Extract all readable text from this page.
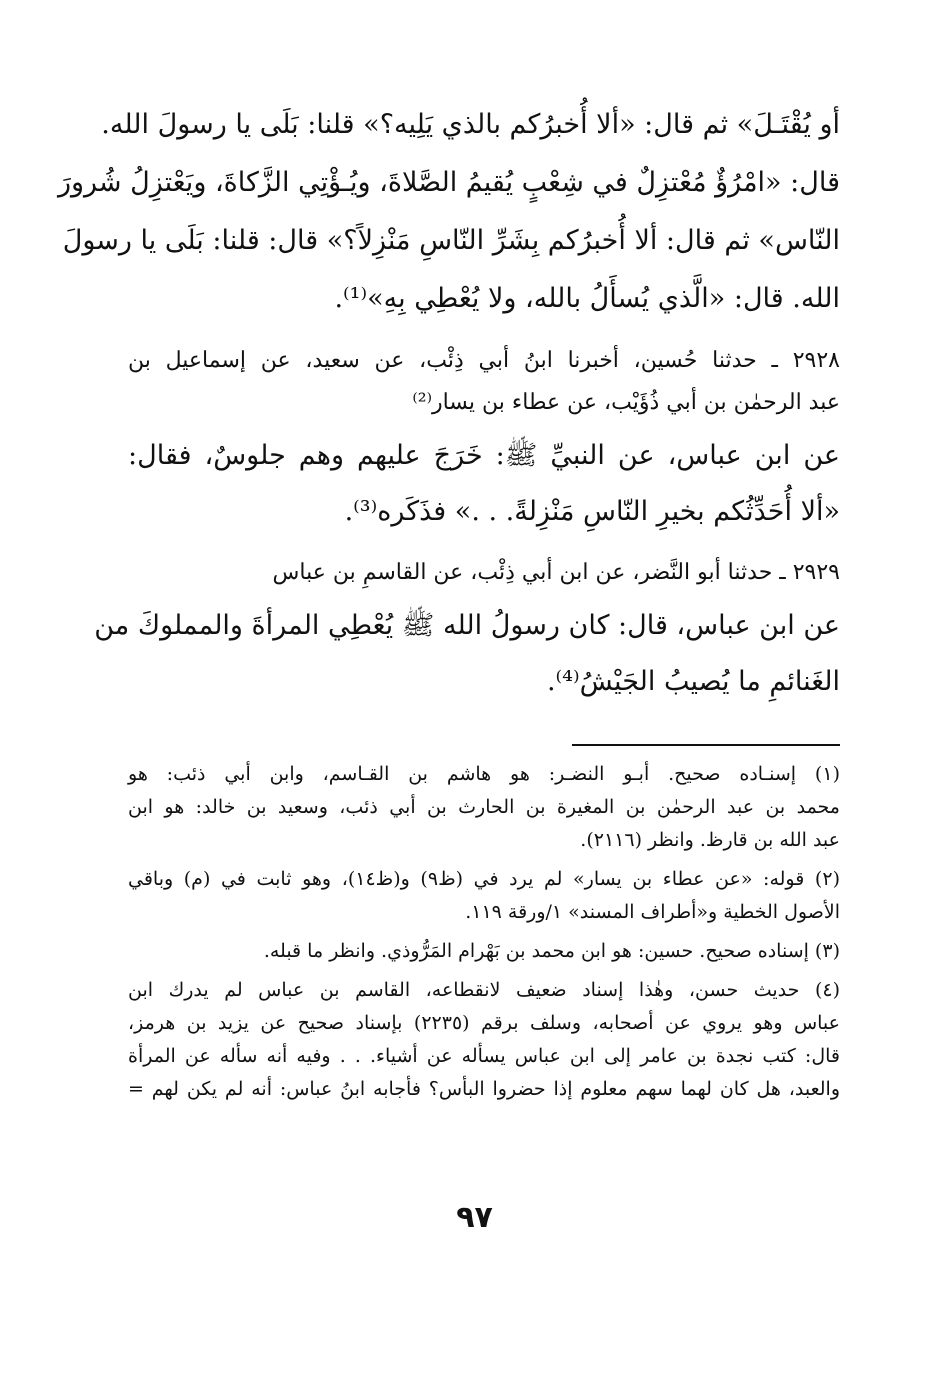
أو يُقْتَـلَ» ثم قال: «ألا أُخبرُكم بالذي يَلِيه؟» قلنا: بَلَى يا رسولَ الله.
قال: «امْرُؤٌ مُعْتزِلٌ في شِعْبٍ يُقيمُ الصَّلاةَ، ويُـؤْتِي الزَّكاةَ، ويَعْتزِلُ شُرورَ
النّاس» ثم قال: ألا أُخبرُكم بِشَرِّ النّاسِ مَنْزِلاً؟» قال: قلنا: بَلَى يا رسولَ
الله. قال: «الَّذي يُسأَلُ بالله، ولا يُعْطِي بِهِ»⁽¹⁾.
٢٩٢٨ ـ حدثنا حُسين، أخبرنا ابنُ أبي ذِئْب، عن سعيد، عن إسماعيل بن
عبد الرحمٰن بن أبي ذُؤَيْب، عن عطاء بن يسار⁽²⁾
عن ابن عباس، عن النبيِّ ﷺ: خَرَجَ عليهم وهم جلوسٌ، فقال:
«ألا أُحَدِّثُكم بخيرِ النّاسِ مَنْزِلةً. . .» فذَكَره⁽³⁾.
٢٩٢٩ ـ حدثنا أبو النَّضر، عن ابن أبي ذِئْب، عن القاسمِ بن عباس
عن ابن عباس، قال: كان رسولُ الله ﷺ يُعْطِي المرأةَ والمملوكَ من
الغَنائمِ ما يُصيبُ الجَيْشُ⁽⁴⁾.
(١) إسنـاده صحيح. أبـو النضـر: هو هاشم بن القـاسم، وابن أبي ذئب: هو
محمد بن عبد الرحمٰن بن المغيرة بن الحارث بن أبي ذئب، وسعيد بن خالد: هو ابن
عبد الله بن قارظ. وانظر (٢١١٦).
(٢) قوله: «عن عطاء بن يسار» لم يرد في (ظ٩) و(ظ١٤)، وهو ثابت في (م) وباقي
الأصول الخطية و«أطراف المسند» ١/ورقة ١١٩.
(٣) إسناده صحيح. حسين: هو ابن محمد بن بَهْرام المَرُّوذي. وانظر ما قبله.
(٤) حديث حسن، وهٰذا إسناد ضعيف لانقطاعه، القاسم بن عباس لم يدرك ابن
عباس وهو يروي عن أصحابه، وسلف برقم (٢٢٣٥) بإسناد صحيح عن يزيد بن هرمز،
قال: كتب نجدة بن عامر إلى ابن عباس يسأله عن أشياء. . . وفيه أنه سأله عن المرأة
والعبد، هل كان لهما سهم معلوم إذا حضروا البأس؟ فأجابه ابنُ عباس: أنه لم يكن لهم =
٩٧
